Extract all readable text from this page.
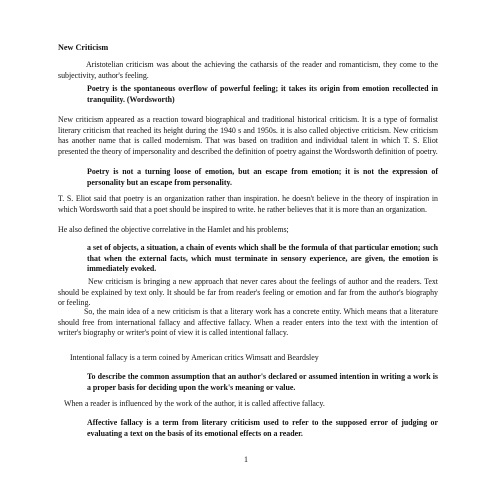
New Criticism

Aristotelian criticism was about the achieving the catharsis of the reader and romanticism, they come to the subjectivity, author's feeling.

Poetry is the spontaneous overflow of powerful feeling; it takes its origin from emotion recollected in tranquility. (Wordsworth)

New criticism appeared as a reaction toward biographical and traditional historical criticism. It is a type of formalist literary criticism that reached its height during the 1940 s and 1950s. it is also called objective criticism. New criticism has another name that is called modernism. That was based on tradition and individual talent in which T. S. Eliot presented the theory of impersonality and described the definition of poetry against the Wordsworth definition of poetry.

Poetry is not a turning loose of emotion, but an escape from emotion; it is not the expression of personality but an escape from personality.

T. S. Eliot said that poetry is an organization rather than inspiration. he doesn't believe in the theory of inspiration in which Wordsworth said that a poet should be inspired to write. he rather believes that it is more than an organization.

He also defined the objective correlative in the Hamlet and his problems;

a set of objects, a situation, a chain of events which shall be the formula of that particular emotion; such that when the external facts, which must terminate in sensory experience, are given, the emotion is immediately evoked.

New criticism is bringing a new approach that never cares about the feelings of author and the readers. Text should be explained by text only. It should be far from reader's feeling or emotion and far from the author's biography or feeling.

So, the main idea of a new criticism is that a literary work has a concrete entity. Which means that a literature should free from international fallacy and affective fallacy. When a reader enters into the text with the intention of writer's biography or writer's point of view it is called intentional fallacy.

Intentional fallacy is a term coined by American critics Wimsatt and Beardsley

To describe the common assumption that an author's declared or assumed intention in writing a work is a proper basis for deciding upon the work's meaning or value.

When a reader is influenced by the work of the author, it is called affective fallacy.

Affective fallacy is a term from literary criticism used to refer to the supposed error of judging or evaluating a text on the basis of its emotional effects on a reader.

1
